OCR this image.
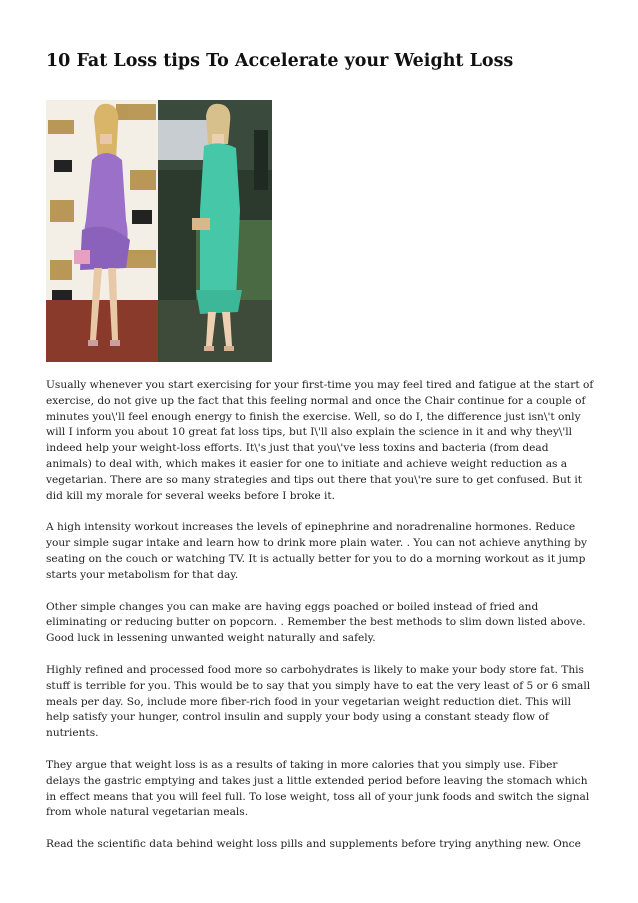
10 Fat Loss tips To Accelerate your Weight Loss

Usually whenever you start exercising for your first-time you may feel tired and fatigue at the start of exercise, do not give up the fact that this feeling normal and once the Chair continue for a couple of minutes you\'ll feel enough energy to finish the exercise. Well, so do I, the difference just isn\'t only will I inform you about 10 great fat loss tips, but I\'ll also explain the science in it and why they\'ll indeed help your weight-loss efforts. It\'s just that you\'ve less toxins and bacteria (from dead animals) to deal with, which makes it easier for one to initiate and achieve weight reduction as a vegetarian. There are so many strategies and tips out there that you\'re sure to get confused. But it did kill my morale for several weeks before I broke it.

A high intensity workout increases the levels of epinephrine and noradrenaline hormones. Reduce your simple sugar intake and learn how to drink more plain water. . You can not achieve anything by seating on the couch or watching TV. It is actually better for you to do a morning workout as it jump starts your metabolism for that day.

Other simple changes you can make are having eggs poached or boiled instead of fried and eliminating or reducing butter on popcorn. . Remember the best methods to slim down listed above. Good luck in lessening unwanted weight naturally and safely.

Highly refined and processed food more so carbohydrates is likely to make your body store fat. This stuff is terrible for you. This would be to say that you simply have to eat the very least of 5 or 6 small meals per day. So, include more fiber-rich food in your vegetarian weight reduction diet. This will help satisfy your hunger, control insulin and supply your body using a constant steady flow of nutrients.

They argue that weight loss is as a results of taking in more calories that you simply use. Fiber delays the gastric emptying and takes just a little extended period before leaving the stomach which in effect means that you will feel full. To lose weight, toss all of your junk foods and switch the signal from whole natural vegetarian meals.

Read the scientific data behind weight loss pills and supplements before trying anything new. Once
